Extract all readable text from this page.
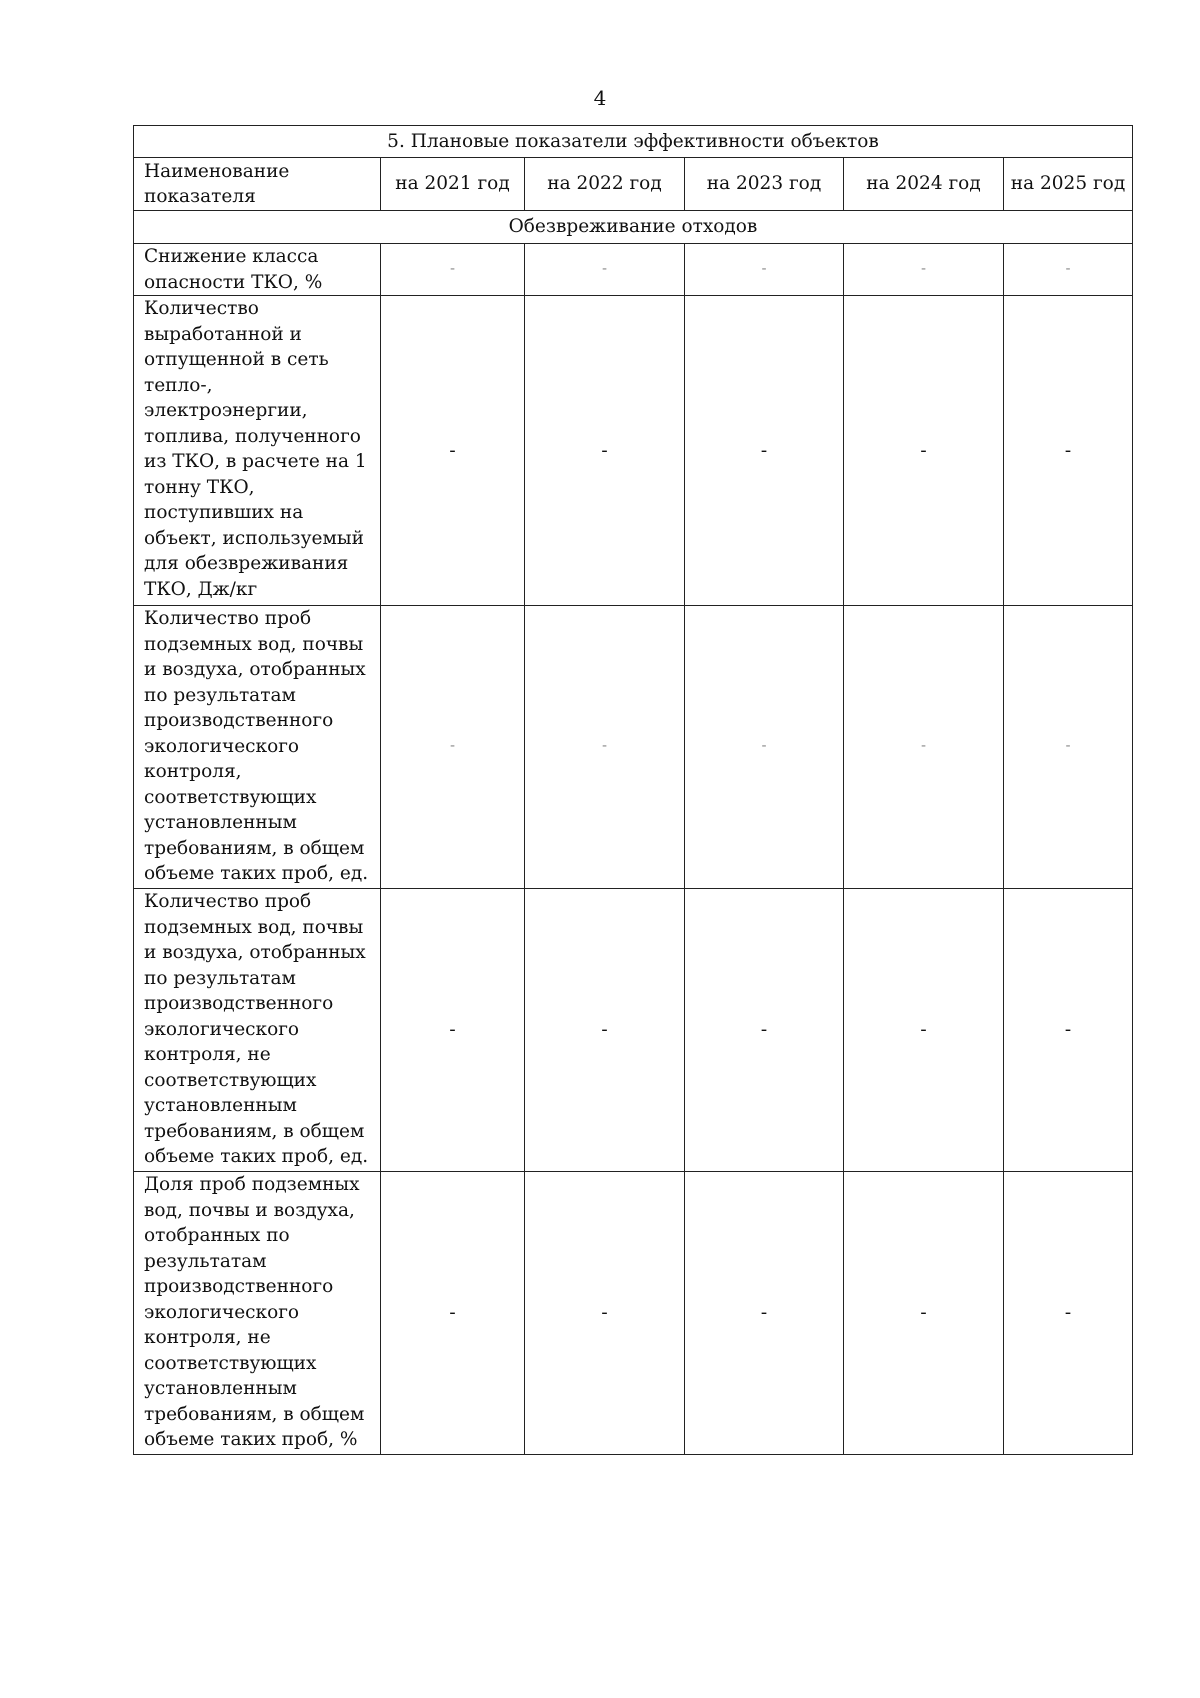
4
5. Плановые показатели эффективности объектов					
Наименование показателя	на 2021 год	на 2022 год	на 2023 год	на 2024 год	на 2025 год
Обезвреживание отходов					
Снижение класса опасности ТКО, %	-	-	-	-	-
Количество выработанной и отпущенной в сеть тепло-, электроэнергии, топлива, полученного из ТКО, в расчете на 1 тонну ТКО, поступивших на объект, используемый для обезвреживания ТКО, Дж/кг	-	-	-	-	-
Количество проб подземных вод, почвы и воздуха, отобранных по результатам производственного экологического контроля, соответствующих установленным требованиям, в общем объеме таких проб, ед.	-	-	-	-	-
Количество проб подземных вод, почвы и воздуха, отобранных по результатам производственного экологического контроля, не соответствующих установленным требованиям, в общем объеме таких проб, ед.	-	-	-	-	-
Доля проб подземных вод, почвы и воздуха, отобранных по результатам производственного экологического контроля, не соответствующих установленным требованиям, в общем объеме таких проб, %	-	-	-	-	-
